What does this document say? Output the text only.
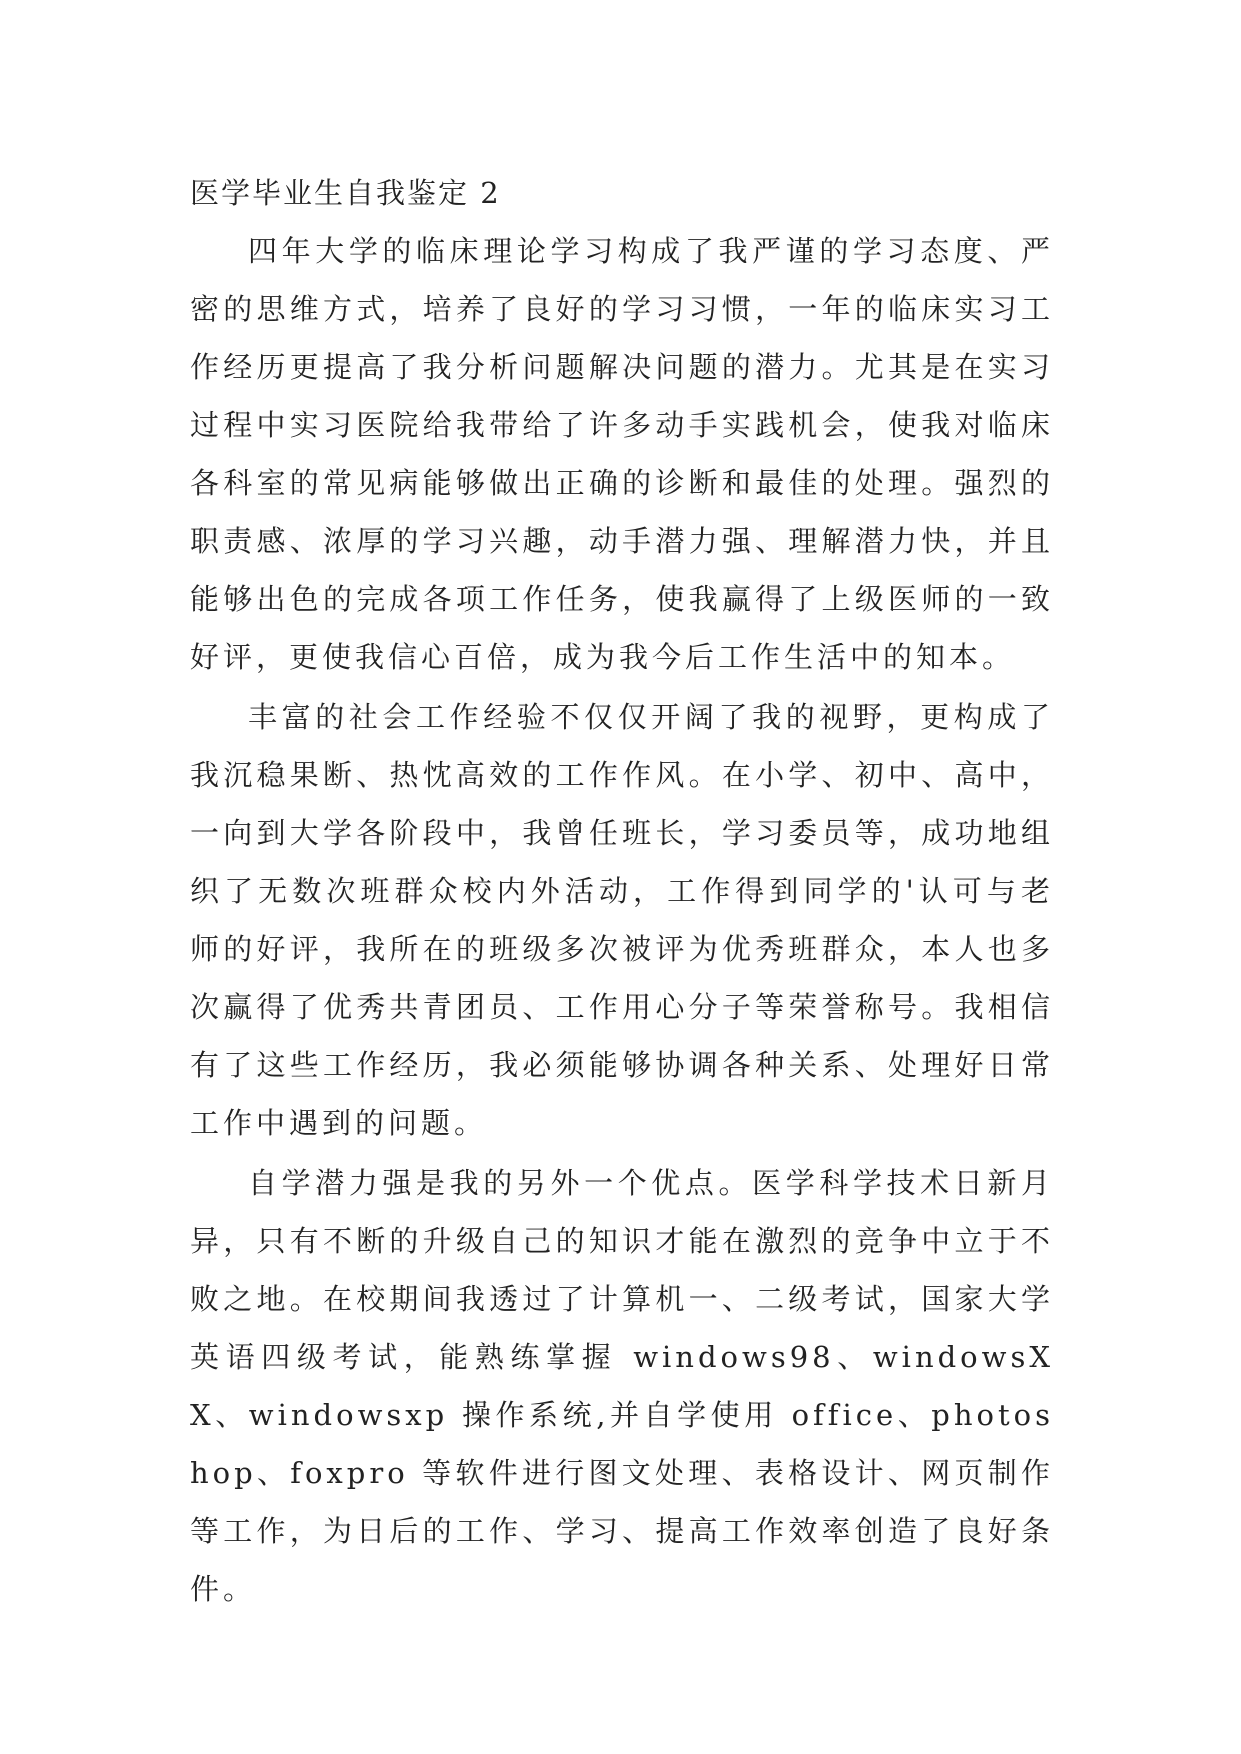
医学毕业生自我鉴定 2

四年大学的临床理论学习构成了我严谨的学习态度、严密的思维方式，培养了良好的学习习惯，一年的临床实习工作经历更提高了我分析问题解决问题的潜力。尤其是在实习过程中实习医院给我带给了许多动手实践机会，使我对临床各科室的常见病能够做出正确的诊断和最佳的处理。强烈的职责感、浓厚的学习兴趣，动手潜力强、理解潜力快，并且能够出色的完成各项工作任务，使我赢得了上级医师的一致好评，更使我信心百倍，成为我今后工作生活中的知本。

丰富的社会工作经验不仅仅开阔了我的视野，更构成了我沉稳果断、热忱高效的工作作风。在小学、初中、高中，一向到大学各阶段中，我曾任班长，学习委员等，成功地组织了无数次班群众校内外活动，工作得到同学的'认可与老师的好评，我所在的班级多次被评为优秀班群众，本人也多次赢得了优秀共青团员、工作用心分子等荣誉称号。我相信有了这些工作经历，我必须能够协调各种关系、处理好日常工作中遇到的问题。

自学潜力强是我的另外一个优点。医学科学技术日新月异，只有不断的升级自己的知识才能在激烈的竞争中立于不败之地。在校期间我透过了计算机一、二级考试，国家大学英语四级考试，能熟练掌握 windows98、windowsXX、windowsxp 操作系统,并自学使用 office、photoshop、foxpro 等软件进行图文处理、表格设计、网页制作等工作，为日后的工作、学习、提高工作效率创造了良好条件。
